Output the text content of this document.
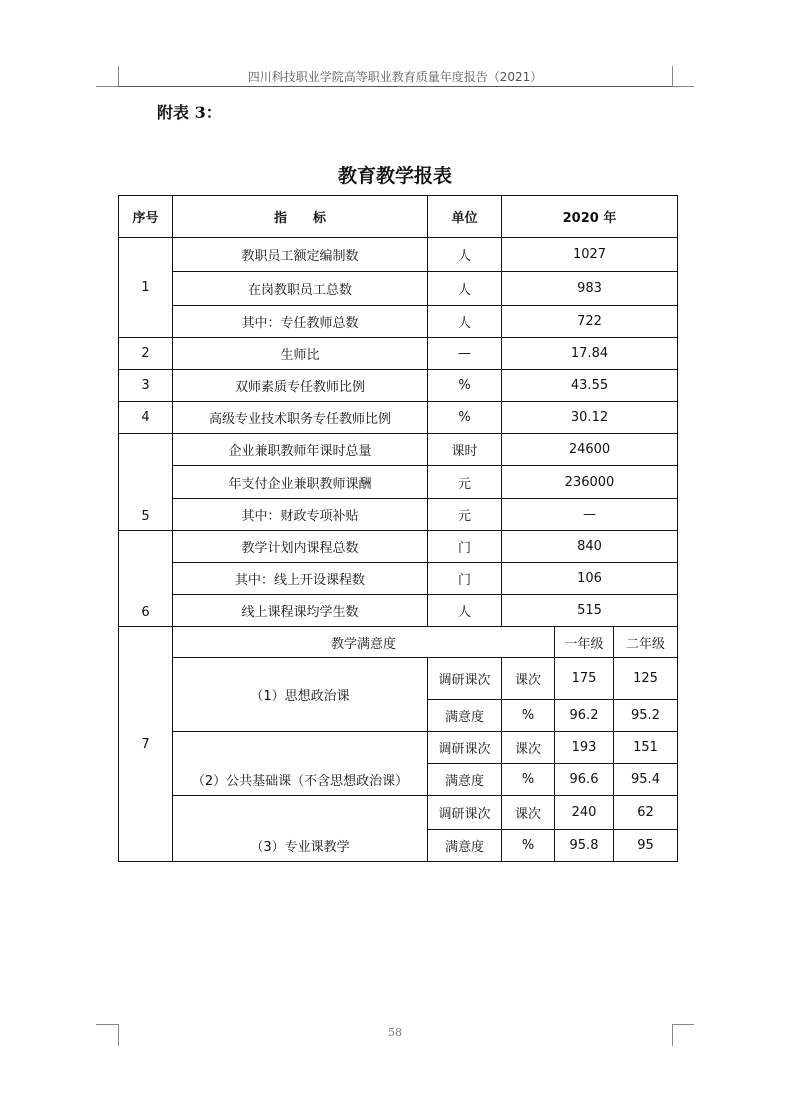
四川科技职业学院高等职业教育质量年度报告（2021）
附表 3：
教育教学报表
序号	指　　标	单位	2020 年		
1	教职员工额定编制数	人	1027		
	在岗教职员工总数	人	983		
	其中：专任教师总数	人	722		
2	生师比	—	17.84		
3	双师素质专任教师比例	%	43.55		
4	高级专业技术职务专任教师比例	%	30.12		
5	企业兼职教师年课时总量	课时	24600		
	年支付企业兼职教师课酬	元	236000		
	其中：财政专项补贴	元	—		
6	教学计划内课程总数	门	840		
	其中：线上开设课程数	门	106		
	线上课程课均学生数	人	515		
7	教学满意度			一年级	二年级
	（1）思想政治课	调研课次	课次	175	125
		满意度	%	96.2	95.2
	（2）公共基础课（不含思想政治课）	调研课次	课次	193	151
		满意度	%	96.6	95.4
	（3）专业课教学	调研课次	课次	240	62
		满意度	%	95.8	95
58
